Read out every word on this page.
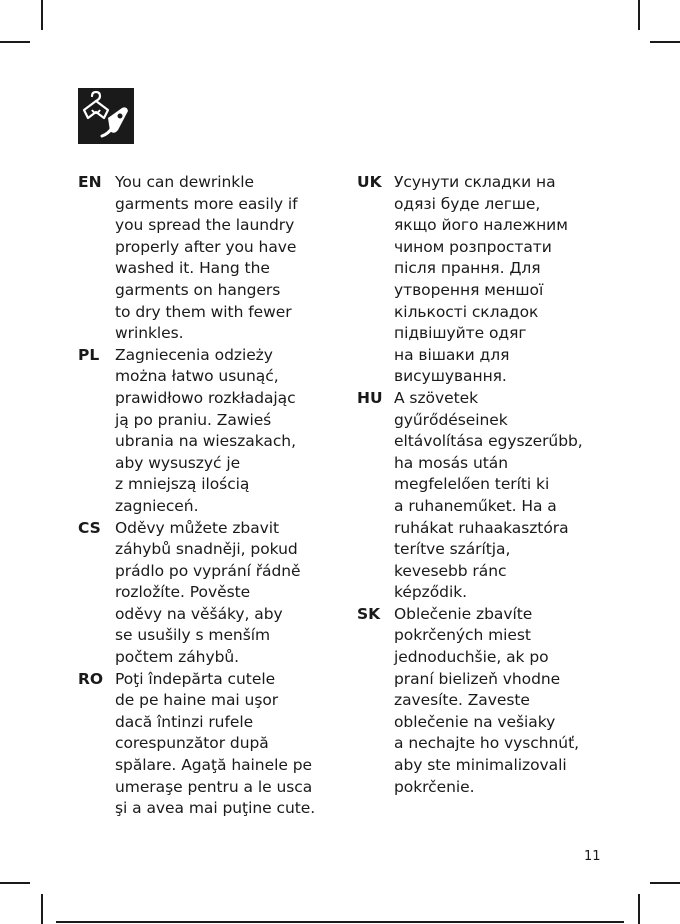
EN You can dewrinkle
garments more easily if
you spread the laundry
properly after you have
washed it. Hang the
garments on hangers
to dry them with fewer
wrinkles.
PL	Zagniecenia odzieży
można łatwo usunąć,
prawidłowo rozkładając
ją po praniu. Zawieś
ubrania na wieszakach,
aby wysuszyć je
z mniejszą ilością
zagnieceń.
CS Oděvy můžete zbavit
záhybů snadněji, pokud
prádlo po vyprání řádně
rozložíte. Pověste
oděvy na věšáky, aby
se usušily s menším
počtem záhybů.
RO Poţi îndepărta cutele
de pe haine mai uşor
dacă întinzi rufele
corespunzător după
spălare. Agaţă hainele pe
umeraşe pentru a le usca
şi a avea mai puţine cute.
UK Усунути складки на
одязі буде легше,
якщо його належним
чином розпростати
після прання. Для
утворення меншої
кількості складок
підвішуйте одяг
на вішаки для
висушування.
HU A szövetek
gyűrődéseinek
eltávolítása egyszerűbb,
ha mosás után
megfelelően teríti ki
a ruhaneműket. Ha a
ruhákat ruhaakasztóra
terítve szárítja,
kevesebb ránc
képződik.
SK Oblečenie zbavíte
pokrčených miest
jednoduchšie, ak po
praní bielizeň vhodne
zavesíte. Zaveste
oblečenie na vešiaky
a nechajte ho vyschnúť,
aby ste minimalizovali
pokrčenie.
11
